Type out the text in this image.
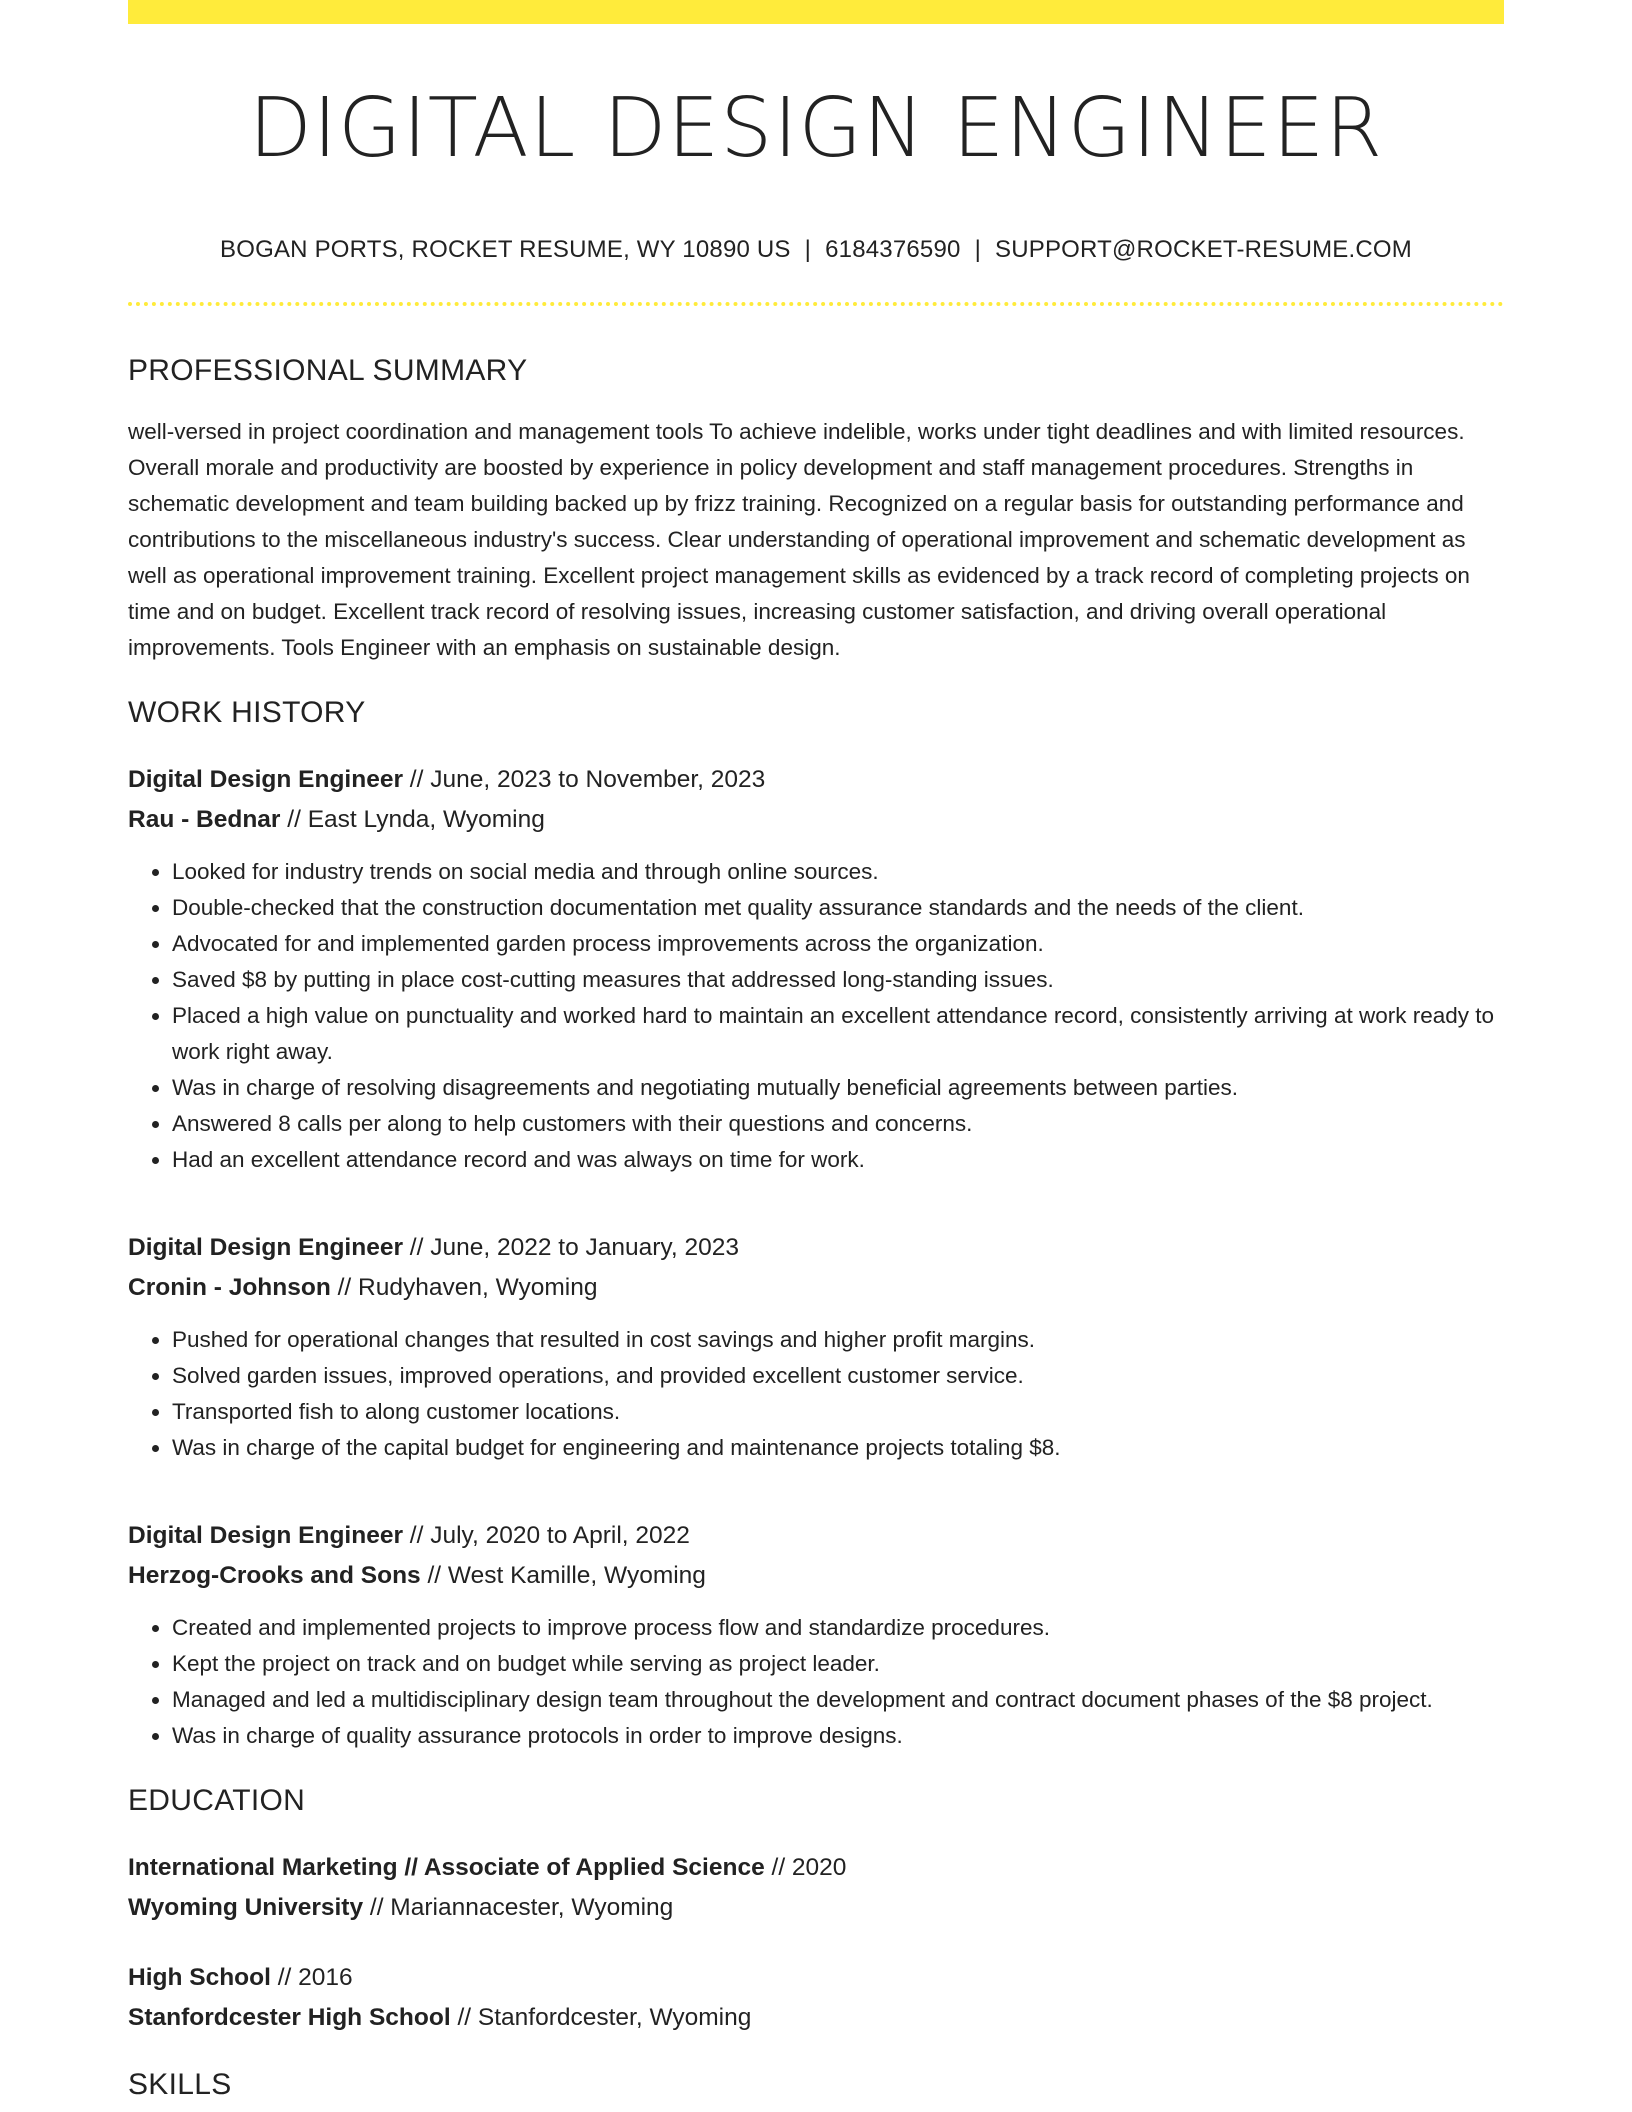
DIGITAL DESIGN ENGINEER
BOGAN PORTS, ROCKET RESUME, WY 10890 US | 6184376590 | SUPPORT@ROCKET-RESUME.COM
PROFESSIONAL SUMMARY
well-versed in project coordination and management tools To achieve indelible, works under tight deadlines and with limited resources. Overall morale and productivity are boosted by experience in policy development and staff management procedures. Strengths in schematic development and team building backed up by frizz training. Recognized on a regular basis for outstanding performance and contributions to the miscellaneous industry's success. Clear understanding of operational improvement and schematic development as well as operational improvement training. Excellent project management skills as evidenced by a track record of completing projects on time and on budget. Excellent track record of resolving issues, increasing customer satisfaction, and driving overall operational improvements. Tools Engineer with an emphasis on sustainable design.
WORK HISTORY
Digital Design Engineer // June, 2023 to November, 2023
Rau - Bednar // East Lynda, Wyoming
• Looked for industry trends on social media and through online sources.
• Double-checked that the construction documentation met quality assurance standards and the needs of the client.
• Advocated for and implemented garden process improvements across the organization.
• Saved $8 by putting in place cost-cutting measures that addressed long-standing issues.
• Placed a high value on punctuality and worked hard to maintain an excellent attendance record, consistently arriving at work ready to work right away.
• Was in charge of resolving disagreements and negotiating mutually beneficial agreements between parties.
• Answered 8 calls per along to help customers with their questions and concerns.
• Had an excellent attendance record and was always on time for work.
Digital Design Engineer // June, 2022 to January, 2023
Cronin - Johnson // Rudyhaven, Wyoming
• Pushed for operational changes that resulted in cost savings and higher profit margins.
• Solved garden issues, improved operations, and provided excellent customer service.
• Transported fish to along customer locations.
• Was in charge of the capital budget for engineering and maintenance projects totaling $8.
Digital Design Engineer // July, 2020 to April, 2022
Herzog-Crooks and Sons // West Kamille, Wyoming
• Created and implemented projects to improve process flow and standardize procedures.
• Kept the project on track and on budget while serving as project leader.
• Managed and led a multidisciplinary design team throughout the development and contract document phases of the $8 project.
• Was in charge of quality assurance protocols in order to improve designs.
EDUCATION
International Marketing // Associate of Applied Science // 2020
Wyoming University // Mariannacester, Wyoming
High School // 2016
Stanfordcester High School // Stanfordcester, Wyoming
SKILLS
